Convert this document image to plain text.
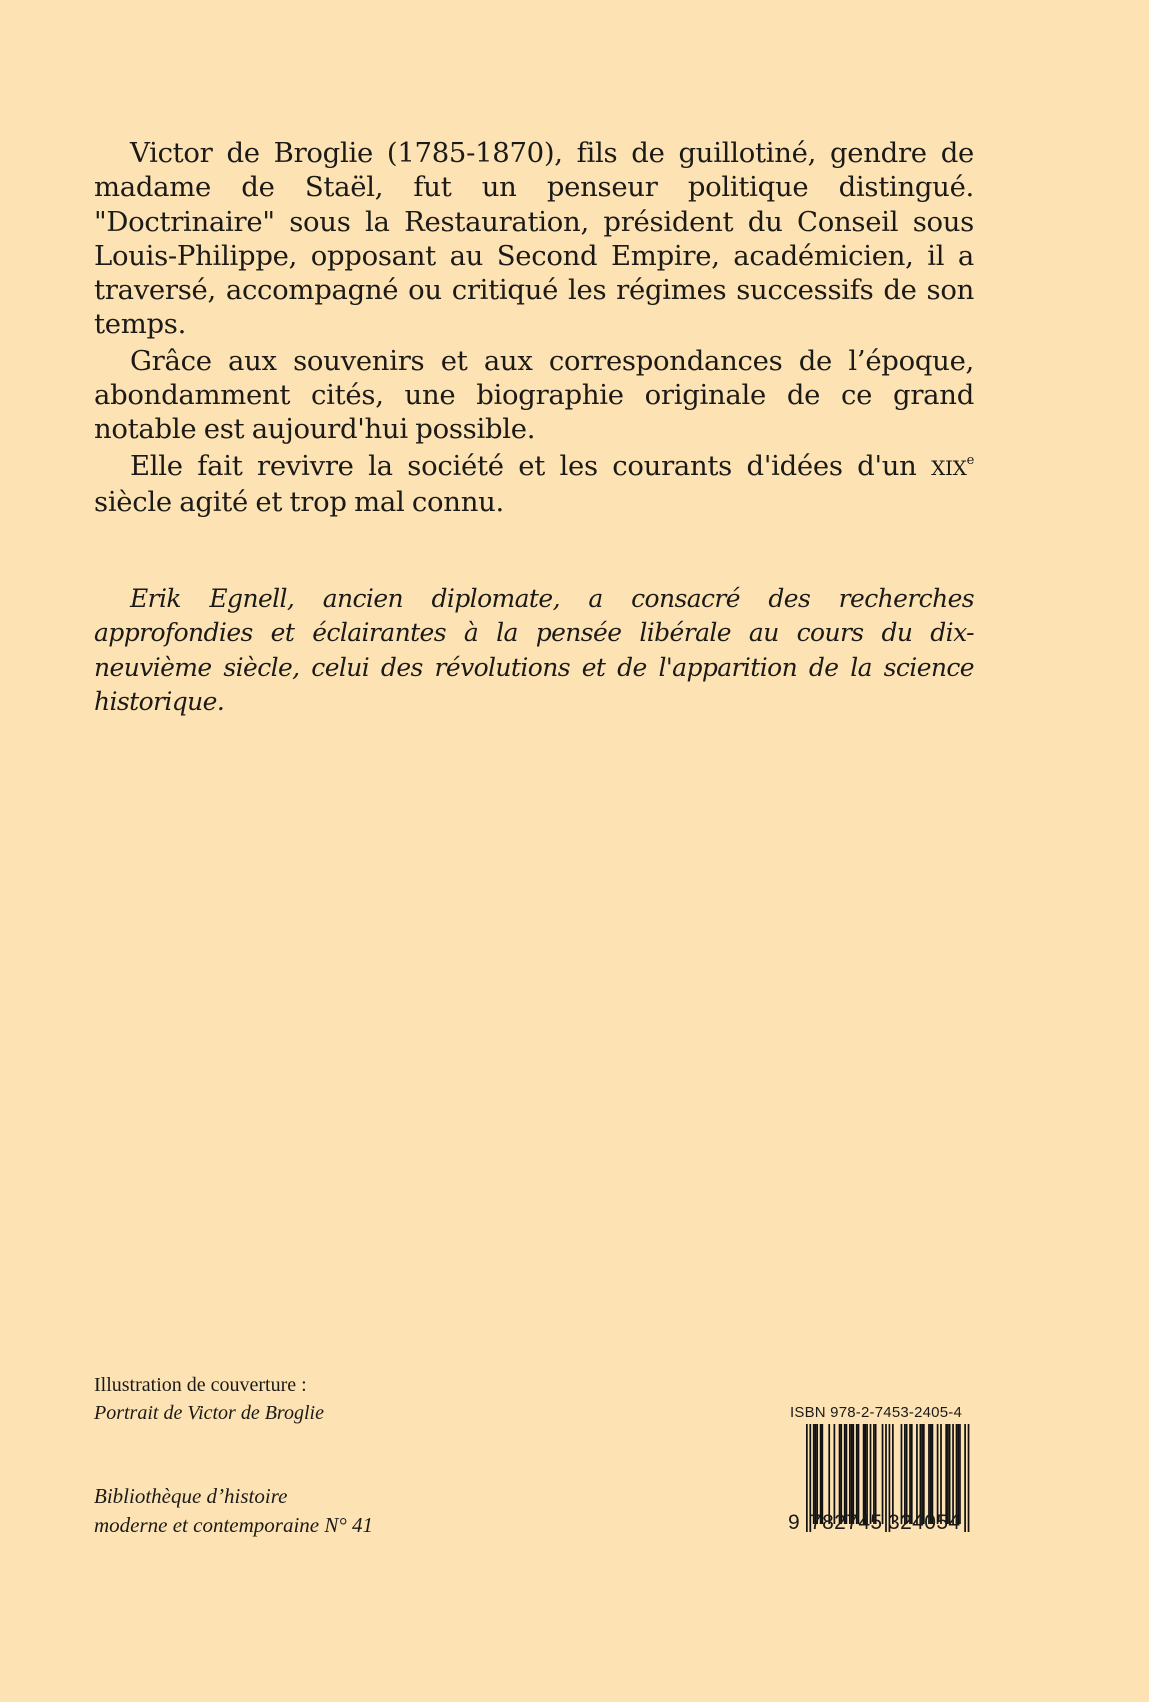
Victor de Broglie (1785-1870), fils de guillotiné, gendre de madame de Staël, fut un penseur politique distingué. "Doctrinaire" sous la Restauration, président du Conseil sous Louis-Philippe, opposant au Second Empire, académicien, il a traversé, accompagné ou critiqué les régimes successifs de son temps.

Grâce aux souvenirs et aux correspondances de l’époque, abondamment cités, une biographie originale de ce grand notable est aujourd'hui possible.

Elle fait revivre la société et les courants d'idées d'un XIXe siècle agité et trop mal connu.

Erik Egnell, ancien diplomate, a consacré des recherches approfondies et éclairantes à la pensée libérale au cours du dix-neuvième siècle, celui des révolutions et de l'apparition de la science historique.

Illustration de couverture :
Portrait de Victor de Broglie
Bibliothèque d’histoire
moderne et contemporaine N° 41
ISBN 978-2-7453-2405-4
9 782745 324054
